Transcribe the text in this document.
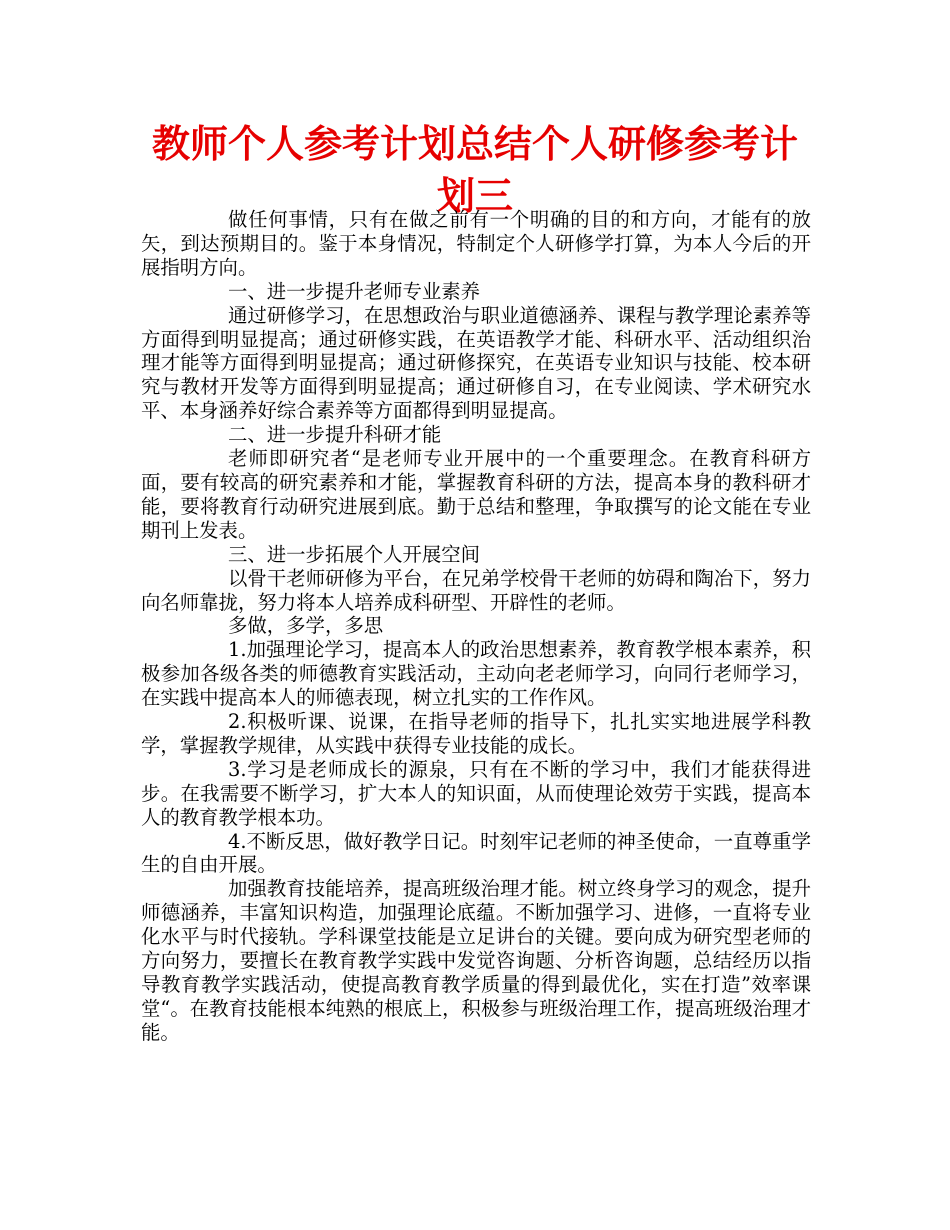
教师个人参考计划总结个人研修参考计划三

做任何事情，只有在做之前有一个明确的目的和方向，才能有的放矢，到达预期目的。鉴于本身情况，特制定个人研修学打算，为本人今后的开展指明方向。

一、进一步提升老师专业素养

通过研修学习，在思想政治与职业道德涵养、课程与教学理论素养等方面得到明显提高；通过研修实践，在英语教学才能、科研水平、活动组织治理才能等方面得到明显提高；通过研修探究，在英语专业知识与技能、校本研究与教材开发等方面得到明显提高；通过研修自习，在专业阅读、学术研究水平、本身涵养好综合素养等方面都得到明显提高。

二、进一步提升科研才能

老师即研究者“是老师专业开展中的一个重要理念。在教育科研方面，要有较高的研究素养和才能，掌握教育科研的方法，提高本身的教科研才能，要将教育行动研究进展到底。勤于总结和整理，争取撰写的论文能在专业期刊上发表。

三、进一步拓展个人开展空间

以骨干老师研修为平台，在兄弟学校骨干老师的妨碍和陶冶下，努力向名师靠拢，努力将本人培养成科研型、开辟性的老师。

多做，多学，多思

1.加强理论学习，提高本人的政治思想素养，教育教学根本素养，积极参加各级各类的师德教育实践活动，主动向老老师学习，向同行老师学习，在实践中提高本人的师德表现，树立扎实的工作作风。

2.积极听课、说课，在指导老师的指导下，扎扎实实地进展学科教学，掌握教学规律，从实践中获得专业技能的成长。

3.学习是老师成长的源泉，只有在不断的学习中，我们才能获得进步。在我需要不断学习，扩大本人的知识面，从而使理论效劳于实践，提高本人的教育教学根本功。

4.不断反思，做好教学日记。时刻牢记老师的神圣使命，一直尊重学生的自由开展。

加强教育技能培养，提高班级治理才能。树立终身学习的观念，提升师德涵养，丰富知识构造，加强理论底蕴。不断加强学习、进修，一直将专业化水平与时代接轨。学科课堂技能是立足讲台的关键。要向成为研究型老师的方向努力，要擅长在教育教学实践中发觉咨询题、分析咨询题，总结经历以指导教育教学实践活动，使提高教育教学质量的得到最优化，实在打造”效率课堂“。在教育技能根本纯熟的根底上，积极参与班级治理工作，提高班级治理才能。
